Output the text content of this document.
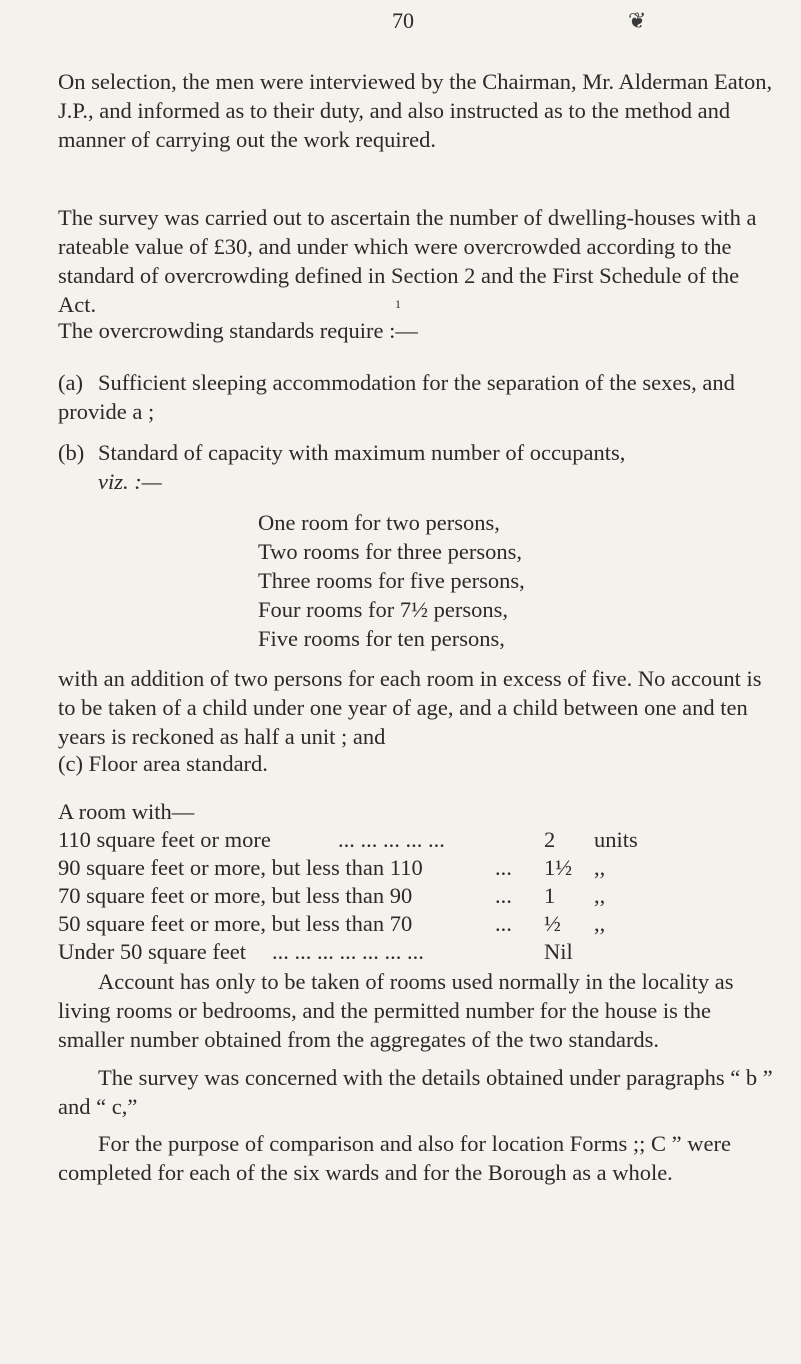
70	❦
On selection, the men were interviewed by the Chairman, Mr. Alderman Eaton, J.P., and informed as to their duty, and also instructed as to the method and manner of carrying out the work required.
The survey was carried out to ascertain the number of dwelling-houses with a rateable value of £30, and under which were overcrowded according to the standard of overcrowding defined in Section 2 and the First Schedule of the Act.	1
The overcrowding standards require :—
(a) Sufficient sleeping accommodation for the separation of the sexes, and provide a ;
(b) Standard of capacity with maximum number of occupants,
viz. :—
One room for two persons,
Two rooms for three persons,
Three rooms for five persons,
Four rooms for 7½ persons,
Five rooms for ten persons,
with an addition of two persons for each room in excess of five. No account is to be taken of a child under one year of age, and a child between one and ten years is reckoned as half a unit ; and
(c) Floor area standard.
A room with—
110 square feet or more	... ... ... ... ...	2 units
90 square feet or more, but less than 110	... 1½ ,,
70 square feet or more, but less than 90	... 1 ,,
50 square feet or more, but less than 70	... ½ ,,
Under 50 square feet ... ... ... ... ... ... ...	Nil
Account has only to be taken of rooms used normally in the locality as living rooms or bedrooms, and the permitted number for the house is the smaller number obtained from the aggregates of the two standards.
The survey was concerned with the details obtained under paragraphs “ b ” and “ c,”
For the purpose of comparison and also for location Forms ;; C ” were completed for each of the six wards and for the Borough as a whole.
